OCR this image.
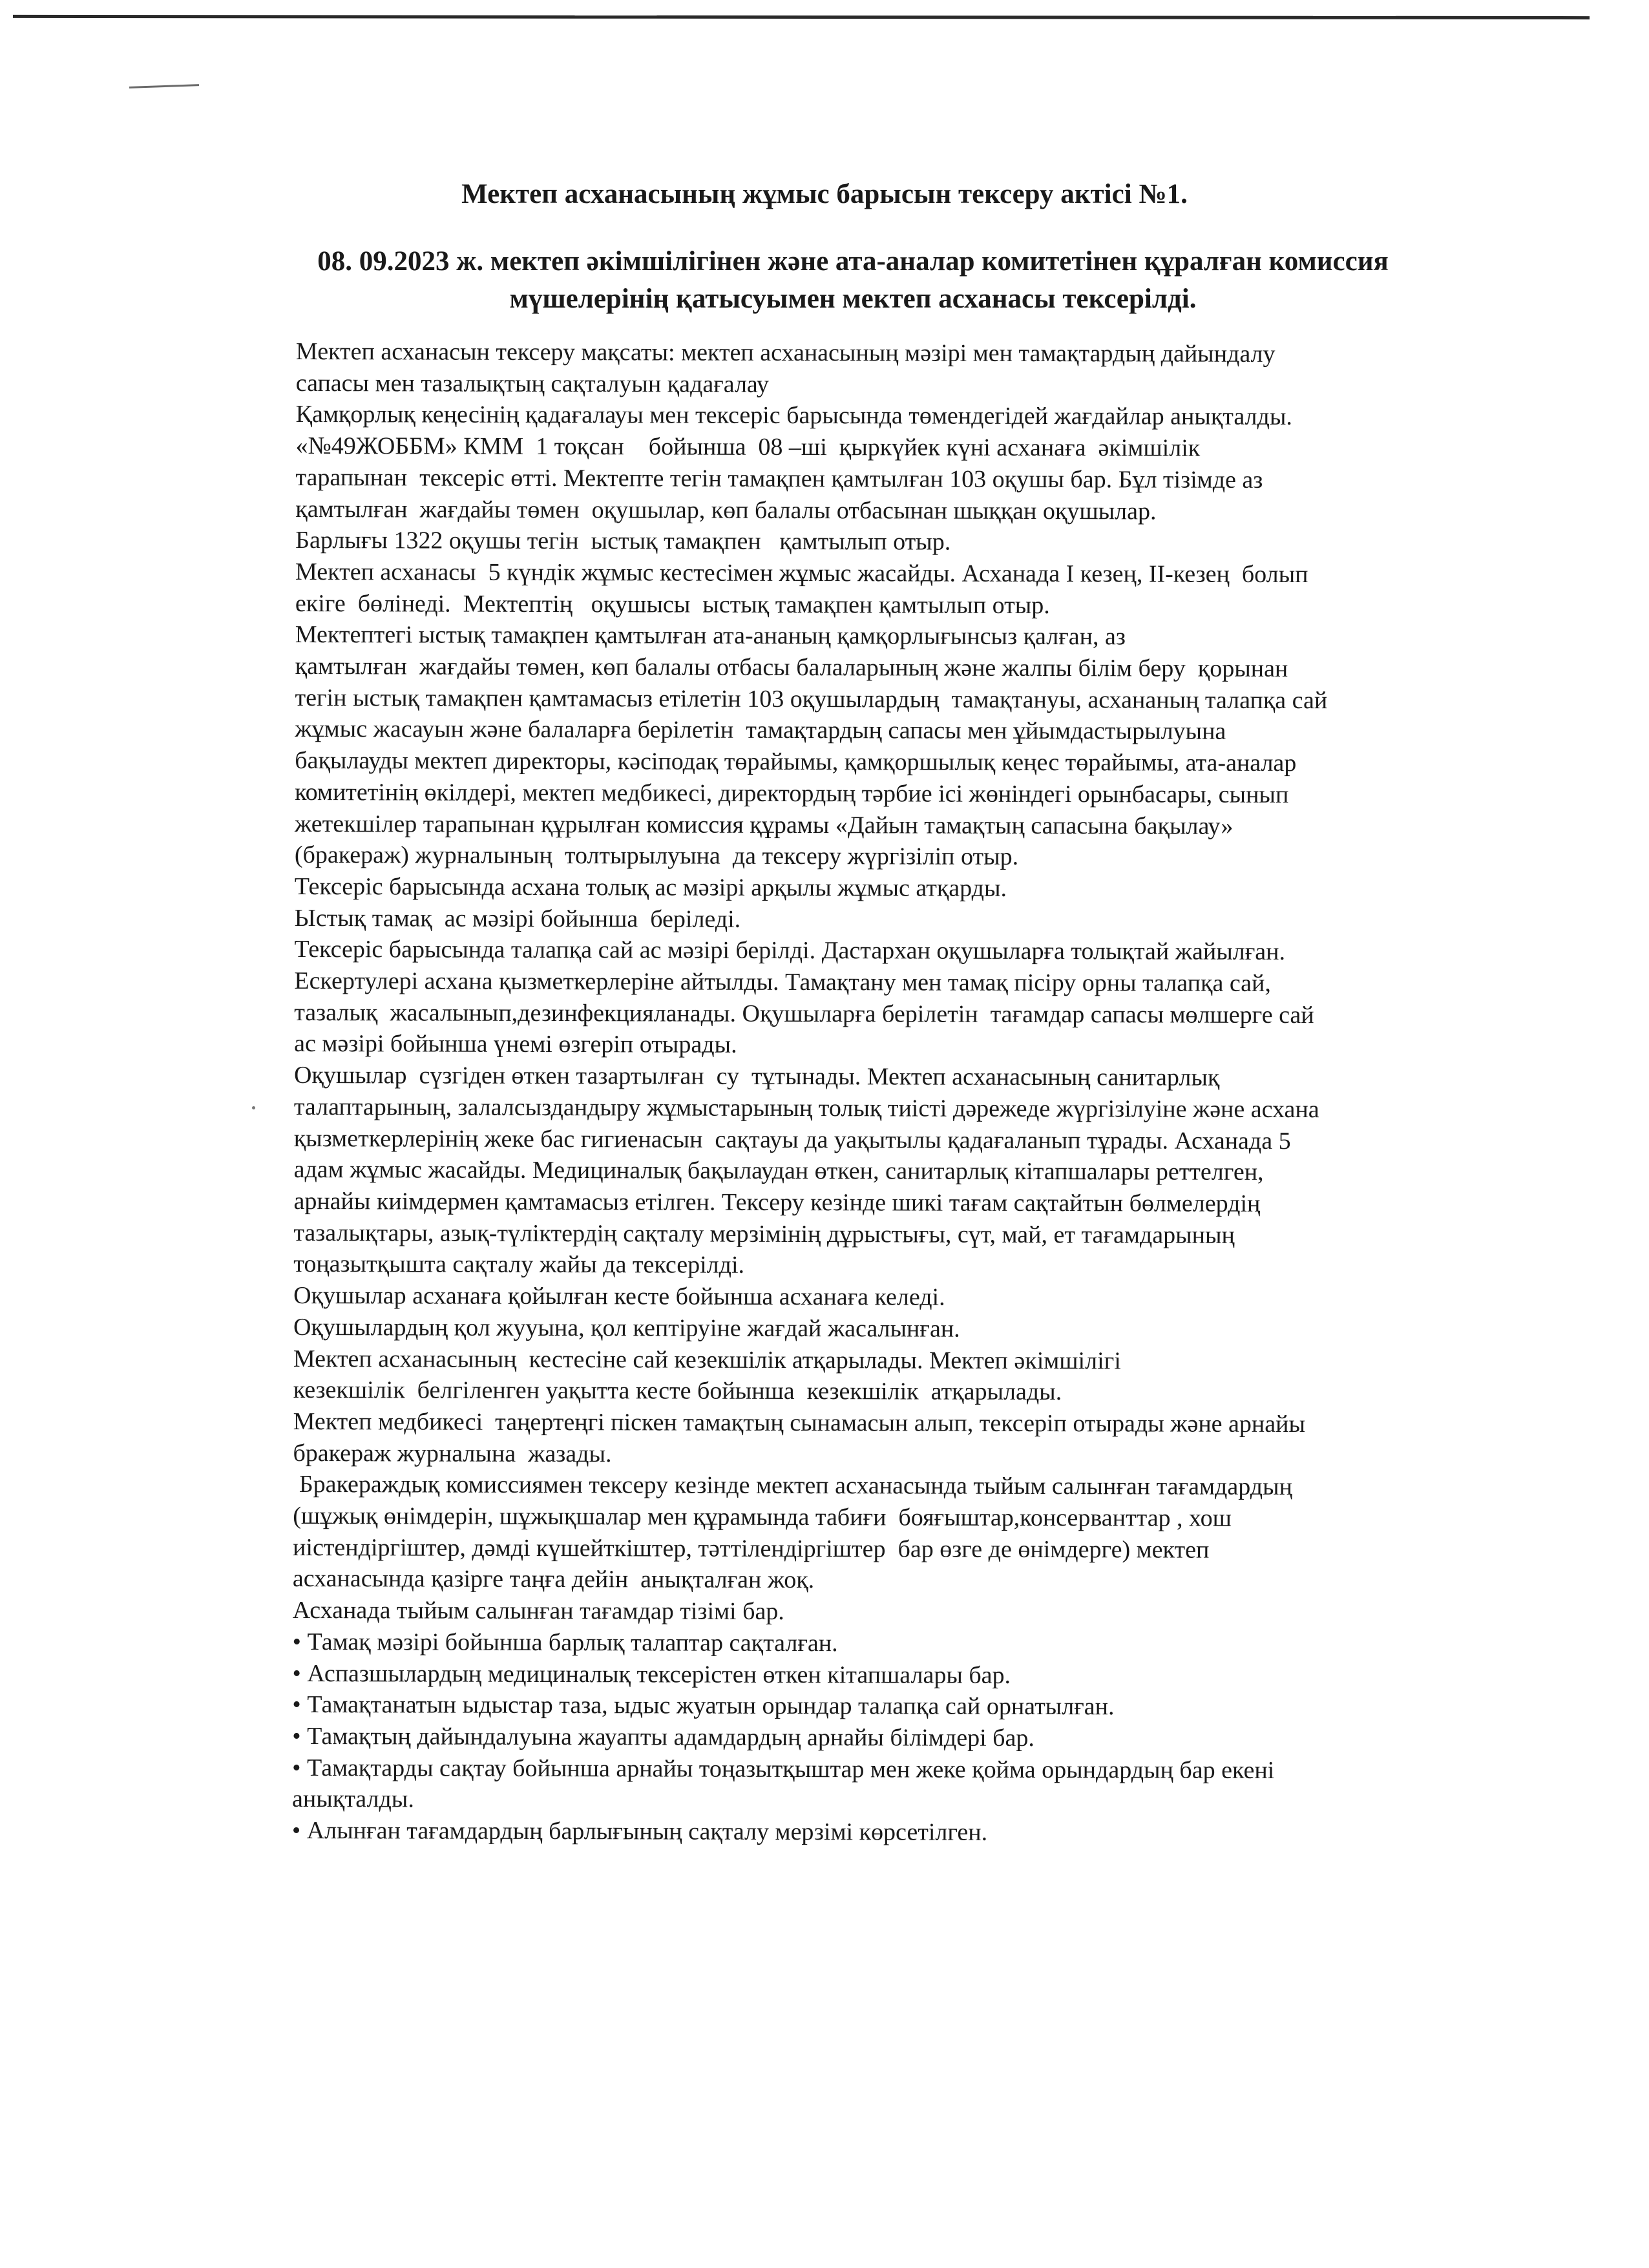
Мектеп асханасының жұмыс барысын тексеру актісі №1.
08. 09.2023 ж. мектеп әкімшілігінен және ата-аналар комитетінен құралған комиссия
мүшелерінің қатысуымен мектеп асханасы тексерілді.

Мектеп асханасын тексеру мақсаты: мектеп асханасының мәзірі мен тамақтардың дайындалу

сапасы мен тазалықтың сақталуын қадағалау

Қамқорлық кеңесінің қадағалауы мен тексеріс барысында төмендегідей жағдайлар анықталды.

«№49ЖОББМ» КММ  1 тоқсан    бойынша  08 –ші  қыркүйек күні асханаға  әкімшілік

тарапынан  тексеріс өтті. Мектепте тегін тамақпен қамтылған 103 оқушы бар. Бұл тізімде аз

қамтылған  жағдайы төмен  оқушылар, көп балалы отбасынан шыққан оқушылар.

Барлығы 1322 оқушы тегін  ыстық тамақпен   қамтылып отыр.

Мектеп асханасы  5 күндік жұмыс кестесімен жұмыс жасайды. Асханада І кезең, ІІ-кезең  болып

екіге  бөлінеді.  Мектептің   оқушысы  ыстық тамақпен қамтылып отыр.

Мектептегі ыстық тамақпен қамтылған ата-ананың қамқорлығынсыз қалған, аз

қамтылған  жағдайы төмен, көп балалы отбасы балаларының және жалпы білім беру  қорынан

тегін ыстық тамақпен қамтамасыз етілетін 103 оқушылардың  тамақтануы, асхананың талапқа сай

жұмыс жасауын және балаларға берілетін  тамақтардың сапасы мен ұйымдастырылуына

бақылауды мектеп директоры, кәсіподақ төрайымы, қамқоршылық кеңес төрайымы, ата-аналар

комитетінің өкілдері, мектеп медбикесі, директордың тәрбие ісі жөніндегі орынбасары, сынып

жетекшілер тарапынан құрылған комиссия құрамы «Дайын тамақтың сапасына бақылау»

(бракераж) журналының  толтырылуына  да тексеру жүргізіліп отыр.

Тексеріс барысында асхана толық ас мәзірі арқылы жұмыс атқарды.

Ыстық тамақ  ас мәзірі бойынша  беріледі.

Тексеріс барысында талапқа сай ас мәзірі берілді. Дастархан оқушыларға толықтай жайылған.

Ескертулері асхана қызметкерлеріне айтылды. Тамақтану мен тамақ пісіру орны талапқа сай,

тазалық  жасалынып,дезинфекцияланады. Оқушыларға берілетін  тағамдар сапасы мөлшерге сай

ас мәзірі бойынша үнемі өзгеріп отырады.

Оқушылар  сүзгіден өткен тазартылған  су  тұтынады. Мектеп асханасының санитарлық

талаптарының, залалсыздандыру жұмыстарының толық тиісті дәрежеде жүргізілуіне және асхана

қызметкерлерінің жеке бас гигиенасын  сақтауы да уақытылы қадағаланып тұрады. Асханада 5

адам жұмыс жасайды. Медициналық бақылаудан өткен, санитарлық кітапшалары реттелген,

арнайы киімдермен қамтамасыз етілген. Тексеру кезінде шикі тағам сақтайтын бөлмелердің

тазалықтары, азық-түліктердің сақталу мерзімінің дұрыстығы, сүт, май, ет тағамдарының

тоңазытқышта сақталу жайы да тексерілді.

Оқушылар асханаға қойылған кесте бойынша асханаға келеді.

Оқушылардың қол жууына, қол кептіруіне жағдай жасалынған.

Мектеп асханасының  кестесіне сай кезекшілік атқарылады. Мектеп әкімшілігі

кезекшілік  белгіленген уақытта кесте бойынша  кезекшілік  атқарылады.

Мектеп медбикесі  таңертеңгі піскен тамақтың сынамасын алып, тексеріп отырады және арнайы

бракераж журналына  жазады.

Бракераждық комиссиямен тексеру кезінде мектеп асханасында тыйым салынған тағамдардың

(шұжық өнімдерін, шұжықшалар мен құрамында табиғи  бояғыштар,консерванттар , хош

иістендіргіштер, дәмді күшейткіштер, тәттілендіргіштер  бар өзге де өнімдерге) мектеп

асханасында қазірге таңға дейін  анықталған жоқ.

Асханада тыйым салынған тағамдар тізімі бар.

• Тамақ мәзірі бойынша барлық талаптар сақталған.

• Аспазшылардың медициналық тексерістен өткен кітапшалары бар.

• Тамақтанатын ыдыстар таза, ыдыс жуатын орындар талапқа сай орнатылған.

• Тамақтың дайындалуына жауапты адамдардың арнайы білімдері бар.

• Тамақтарды сақтау бойынша арнайы тоңазытқыштар мен жеке қойма орындардың бар екені

анықталды.

• Алынған тағамдардың барлығының сақталу мерзімі көрсетілген.
